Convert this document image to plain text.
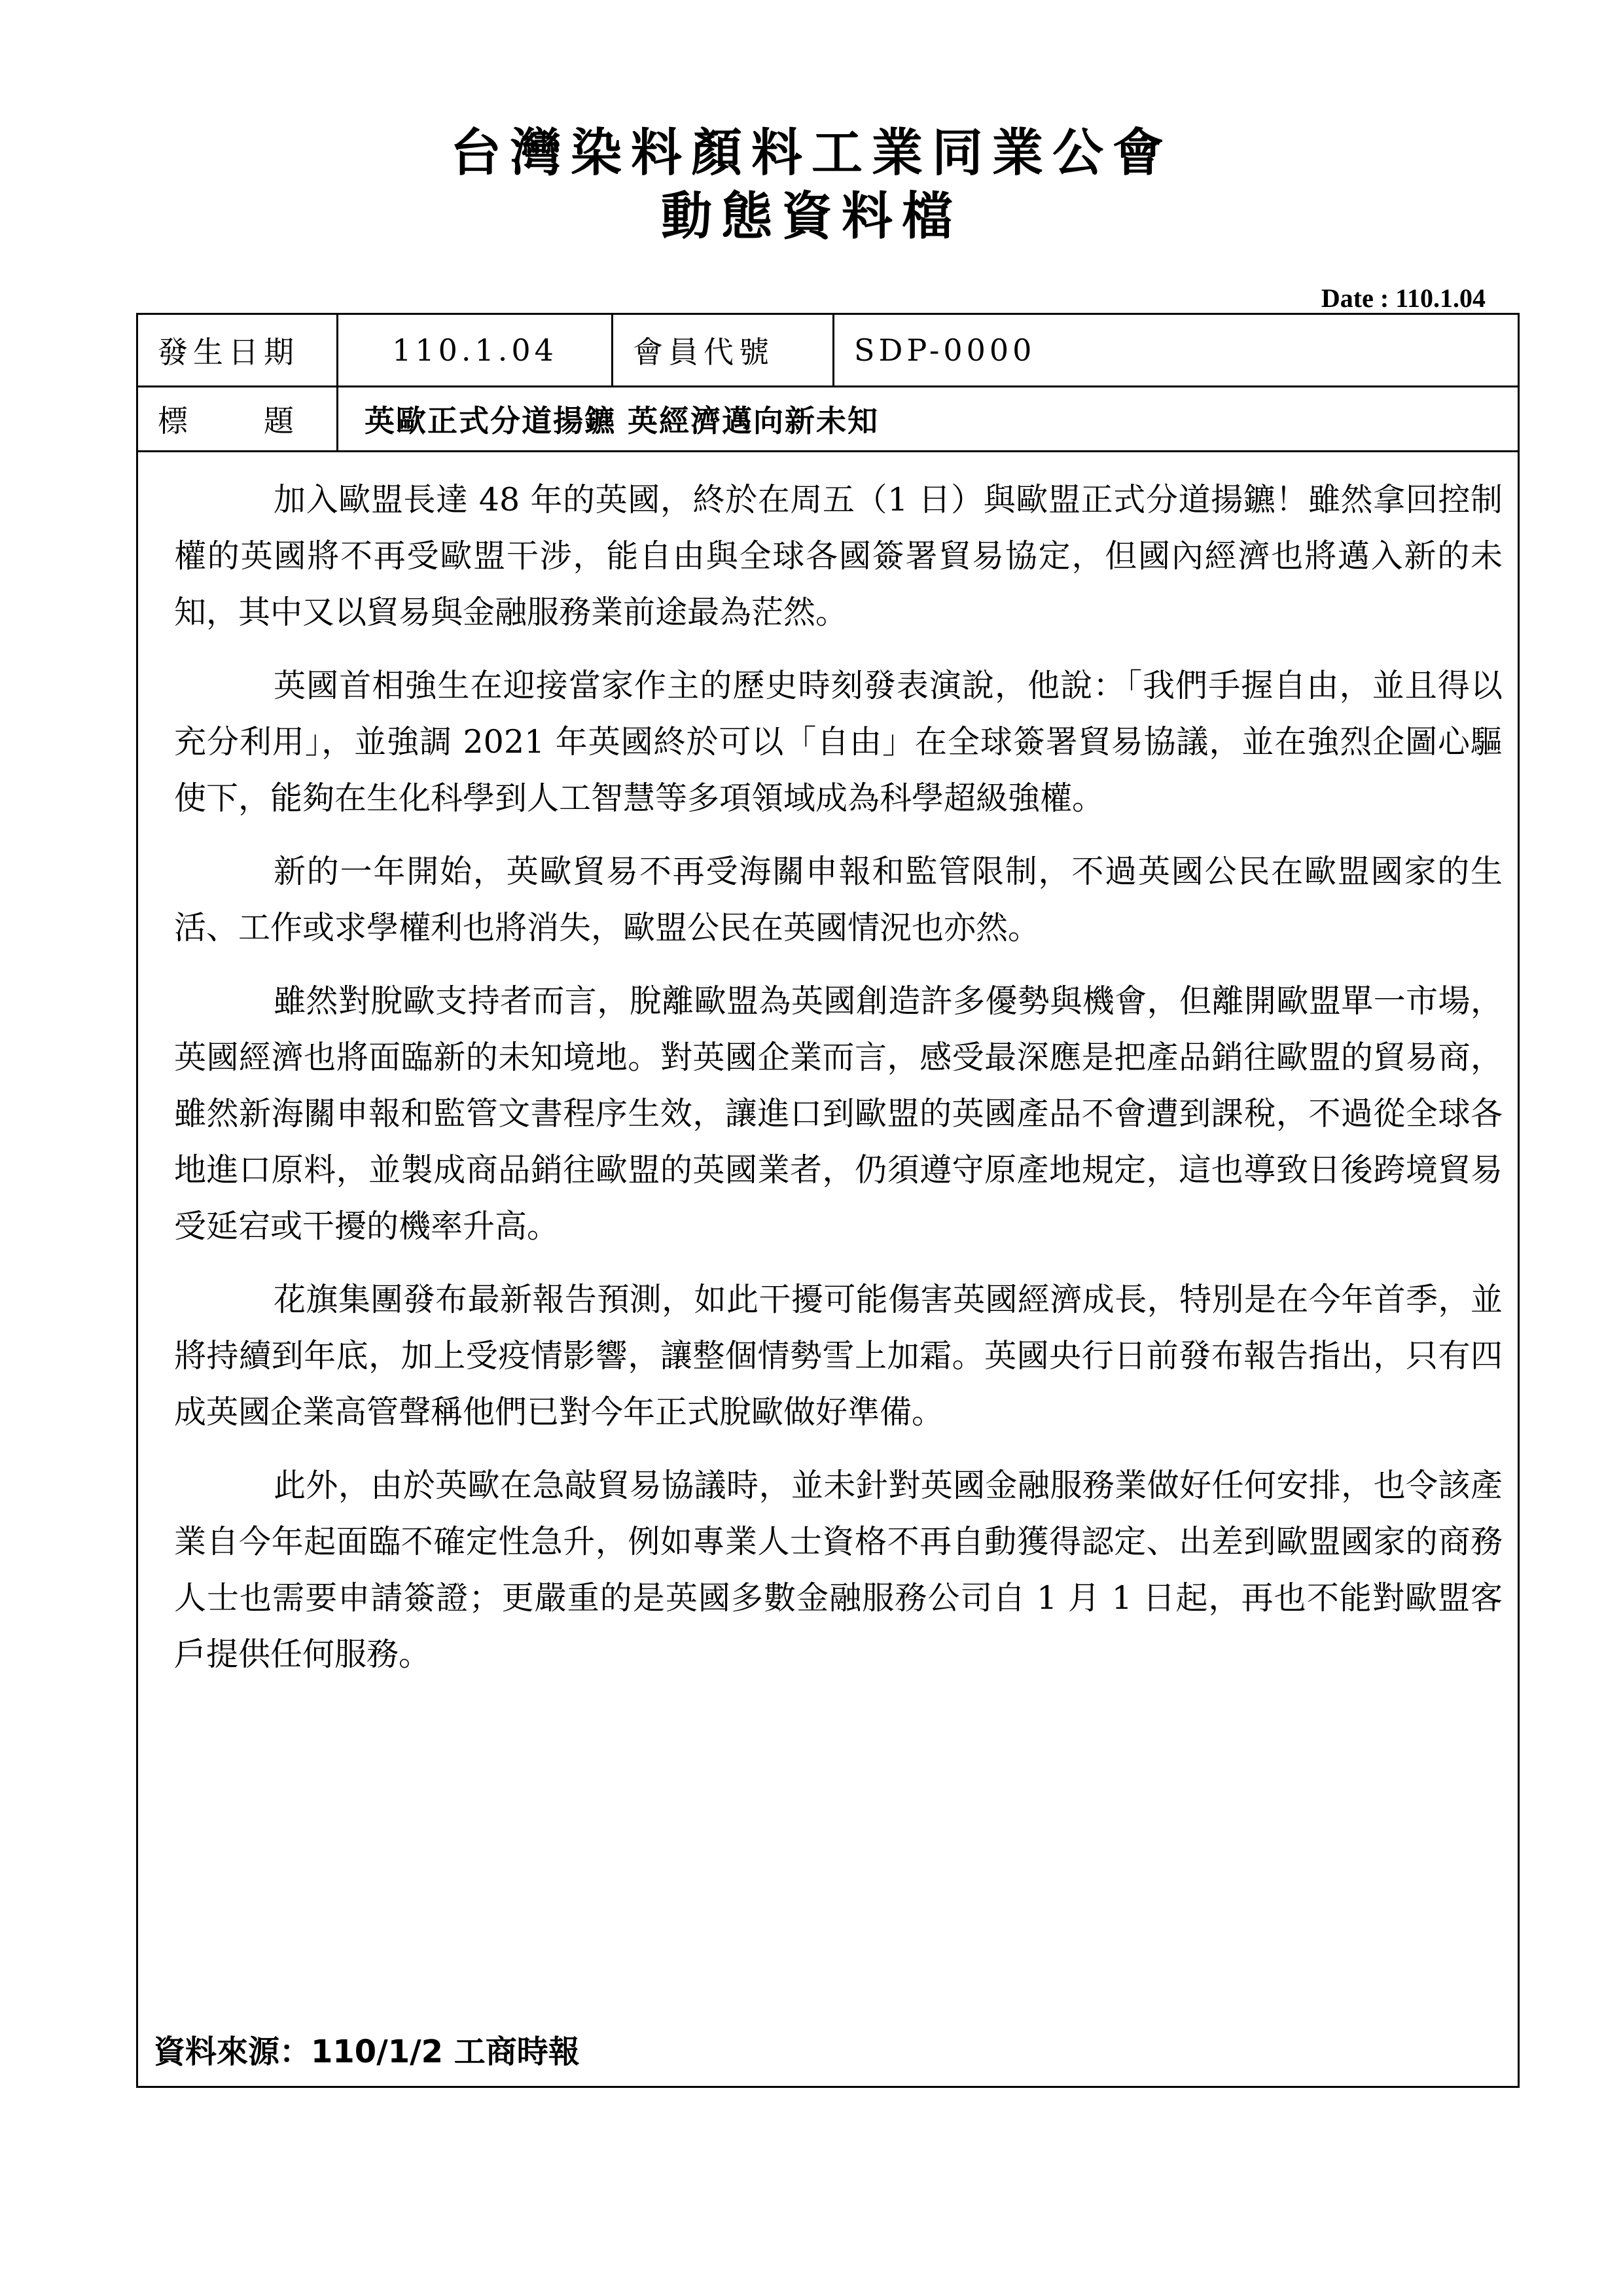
台灣染料顏料工業同業公會
動態資料檔
Date : 110.1.04
發生日期	110.1.04	會員代號	SDP-0000
標　　題	英歐正式分道揚鑣 英經濟邁向新未知

加入歐盟長達 48 年的英國，終於在周五（1 日）與歐盟正式分道揚鑣！雖然拿回控制權的英國將不再受歐盟干涉，能自由與全球各國簽署貿易協定，但國內經濟也將邁入新的未知，其中又以貿易與金融服務業前途最為茫然。

英國首相強生在迎接當家作主的歷史時刻發表演說，他說：「我們手握自由，並且得以充分利用」，並強調 2021 年英國終於可以「自由」在全球簽署貿易協議，並在強烈企圖心驅使下，能夠在生化科學到人工智慧等多項領域成為科學超級強權。

新的一年開始，英歐貿易不再受海關申報和監管限制，不過英國公民在歐盟國家的生活、工作或求學權利也將消失，歐盟公民在英國情況也亦然。

雖然對脫歐支持者而言，脫離歐盟為英國創造許多優勢與機會，但離開歐盟單一市場，英國經濟也將面臨新的未知境地。對英國企業而言，感受最深應是把產品銷往歐盟的貿易商，雖然新海關申報和監管文書程序生效，讓進口到歐盟的英國產品不會遭到課稅，不過從全球各地進口原料，並製成商品銷往歐盟的英國業者，仍須遵守原產地規定，這也導致日後跨境貿易受延宕或干擾的機率升高。

花旗集團發布最新報告預測，如此干擾可能傷害英國經濟成長，特別是在今年首季，並將持續到年底，加上受疫情影響，讓整個情勢雪上加霜。英國央行日前發布報告指出，只有四成英國企業高管聲稱他們已對今年正式脫歐做好準備。

此外，由於英歐在急敲貿易協議時，並未針對英國金融服務業做好任何安排，也令該產業自今年起面臨不確定性急升，例如專業人士資格不再自動獲得認定、出差到歐盟國家的商務人士也需要申請簽證；更嚴重的是英國多數金融服務公司自 1 月 1 日起，再也不能對歐盟客戶提供任何服務。

資料來源：110/1/2 工商時報
